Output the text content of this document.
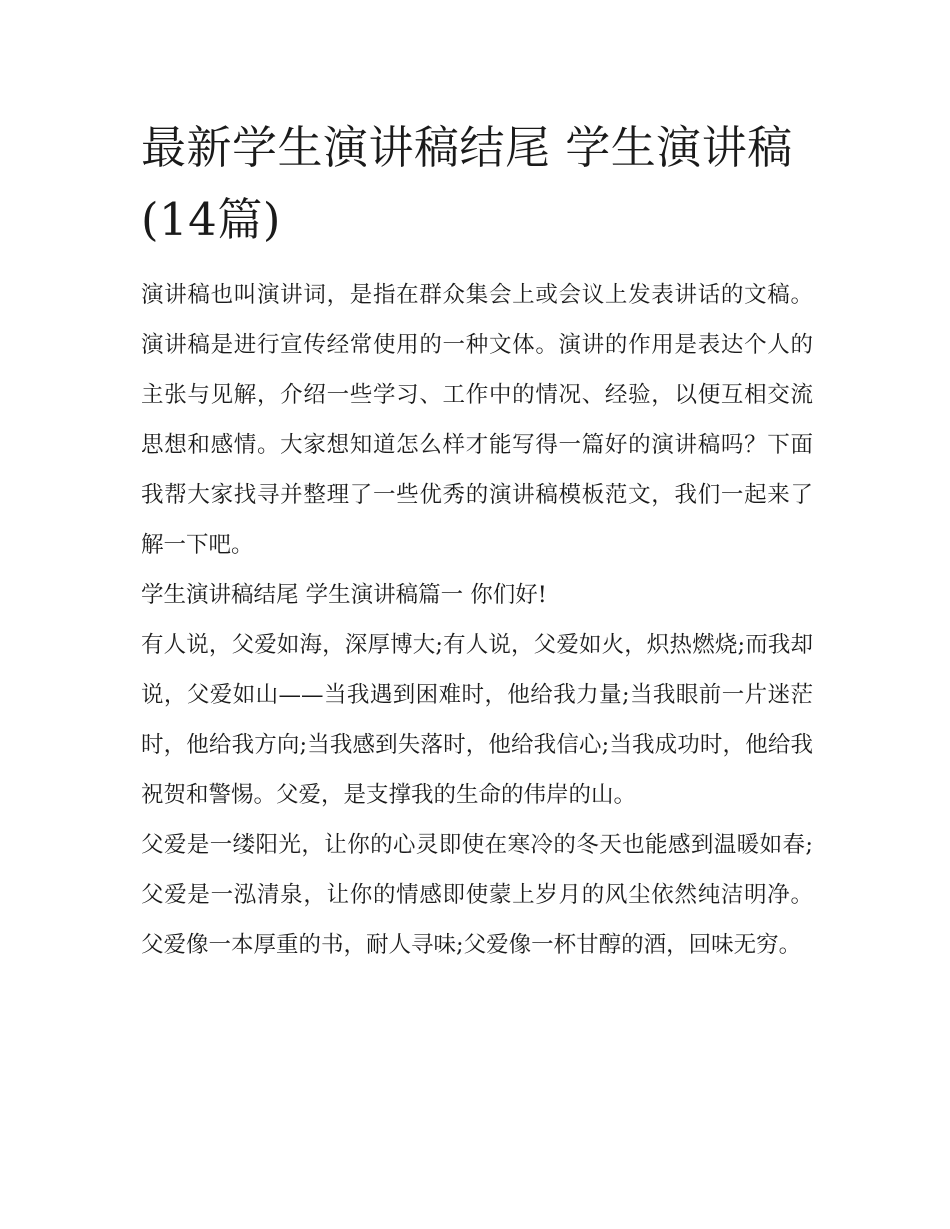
最新学生演讲稿结尾 学生演讲稿(14篇)

演讲稿也叫演讲词，是指在群众集会上或会议上发表讲话的文稿。演讲稿是进行宣传经常使用的一种文体。演讲的作用是表达个人的主张与见解，介绍一些学习、工作中的情况、经验，以便互相交流思想和感情。大家想知道怎么样才能写得一篇好的演讲稿吗？下面我帮大家找寻并整理了一些优秀的演讲稿模板范文，我们一起来了解一下吧。

学生演讲稿结尾 学生演讲稿篇一 你们好!

有人说，父爱如海，深厚博大;有人说，父爱如火，炽热燃烧;而我却说，父爱如山——当我遇到困难时，他给我力量;当我眼前一片迷茫时，他给我方向;当我感到失落时，他给我信心;当我成功时，他给我祝贺和警惕。父爱，是支撑我的生命的伟岸的山。

父爱是一缕阳光，让你的心灵即使在寒冷的冬天也能感到温暖如春;父爱是一泓清泉，让你的情感即使蒙上岁月的风尘依然纯洁明净。父爱像一本厚重的书，耐人寻味;父爱像一杯甘醇的酒，回味无穷。
